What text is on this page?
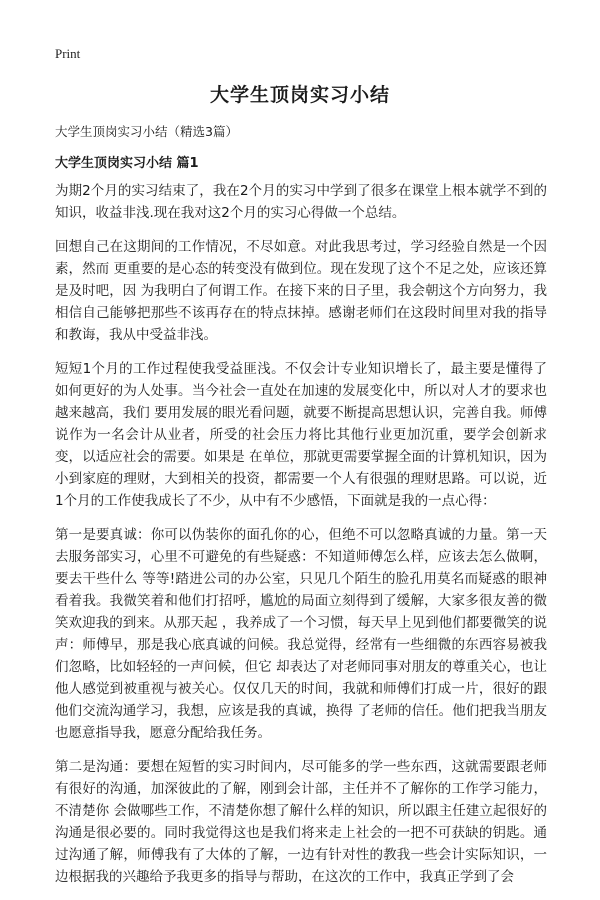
Print
大学生顶岗实习小结
大学生顶岗实习小结（精选3篇）
大学生顶岗实习小结 篇1

为期2个月的实习结束了，我在2个月的实习中学到了很多在课堂上根本就学不到的知识，收益非浅.现在我对这2个月的实习心得做一个总结。

回想自己在这期间的工作情况，不尽如意。对此我思考过，学习经验自然是一个因素，然而 更重要的是心态的转变没有做到位。现在发现了这个不足之处，应该还算是及时吧，因 为我明白了何谓工作。在接下来的日子里，我会朝这个方向努力，我相信自己能够把那些不该再存在的特点抹掉。感谢老师们在这段时间里对我的指导和教诲，我从中受益非浅。

短短1个月的工作过程使我受益匪浅。不仅会计专业知识增长了，最主要是懂得了如何更好的为人处事。当今社会一直处在加速的发展变化中，所以对人才的要求也越来越高，我们 要用发展的眼光看问题，就要不断提高思想认识，完善自我。师傅说作为一名会计从业者，所受的社会压力将比其他行业更加沉重，要学会创新求变，以适应社会的需要。如果是 在单位，那就更需要掌握全面的计算机知识，因为小到家庭的理财，大到相关的投资，都需要一个人有很强的理财思路。可以说，近1个月的工作使我成长了不少，从中有不少感悟，下面就是我的一点心得：

第一是要真诚：你可以伪装你的面孔你的心，但绝不可以忽略真诚的力量。第一天去服务部实习，心里不可避免的有些疑惑：不知道师傅怎么样，应该去怎么做啊，要去干些什么 等等!踏进公司的办公室，只见几个陌生的脸孔用莫名而疑惑的眼神看着我。我微笑着和他们打招呼，尴尬的局面立刻得到了缓解，大家多很友善的微笑欢迎我的到来。从那天起 ，我养成了一个习惯，每天早上见到他们都要微笑的说声：师傅早，那是我心底真诚的问候。我总觉得，经常有一些细微的东西容易被我们忽略，比如轻轻的一声问候，但它 却表达了对老师同事对朋友的尊重关心，也让他人感觉到被重视与被关心。仅仅几天的时间，我就和师傅们打成一片，很好的跟他们交流沟通学习，我想，应该是我的真诚，换得 了老师的信任。他们把我当朋友也愿意指导我，愿意分配给我任务。

第二是沟通：要想在短暂的实习时间内，尽可能多的学一些东西，这就需要跟老师有很好的沟通，加深彼此的了解，刚到会计部，主任并不了解你的工作学习能力，不清楚你 会做哪些工作，不清楚你想了解什么样的知识，所以跟主任建立起很好的沟通是很必要的。同时我觉得这也是我们将来走上社会的一把不可获缺的钥匙。通过沟通了解，师傅我有了大体的了解，一边有针对性的教我一些会计实际知识，一边根据我的兴趣给予我更多的指导与帮助，在这次的工作中，我真正学到了会
